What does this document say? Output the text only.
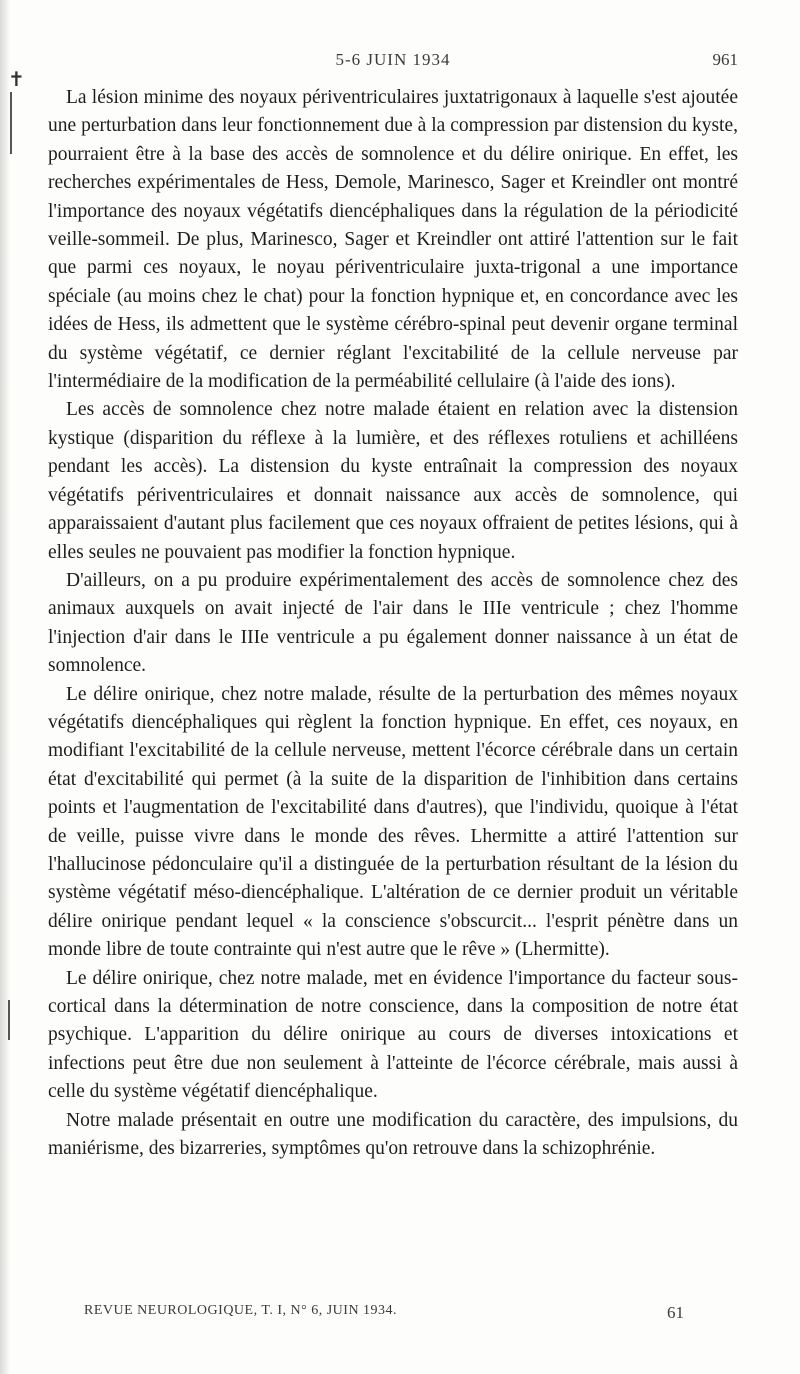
✝
5-6 JUIN 1934	961

La lésion minime des noyaux périventriculaires juxtatrigonaux à laquelle s'est ajoutée une perturbation dans leur fonctionnement due à la compression par distension du kyste, pourraient être à la base des accès de somnolence et du délire onirique. En effet, les recherches expérimentales de Hess, Demole, Marinesco, Sager et Kreindler ont montré l'importance des noyaux végétatifs diencéphaliques dans la régulation de la périodicité veille-sommeil. De plus, Marinesco, Sager et Kreindler ont attiré l'attention sur le fait que parmi ces noyaux, le noyau périventriculaire juxta-trigonal a une importance spéciale (au moins chez le chat) pour la fonction hypnique et, en concordance avec les idées de Hess, ils admettent que le système cérébro-spinal peut devenir organe terminal du système végétatif, ce dernier réglant l'excitabilité de la cellule nerveuse par l'intermédiaire de la modification de la perméabilité cellulaire (à l'aide des ions).

Les accès de somnolence chez notre malade étaient en relation avec la distension kystique (disparition du réflexe à la lumière, et des réflexes rotuliens et achilléens pendant les accès). La distension du kyste entraînait la compression des noyaux végétatifs périventriculaires et donnait naissance aux accès de somnolence, qui apparaissaient d'autant plus facilement que ces noyaux offraient de petites lésions, qui à elles seules ne pouvaient pas modifier la fonction hypnique.

D'ailleurs, on a pu produire expérimentalement des accès de somnolence chez des animaux auxquels on avait injecté de l'air dans le IIIe ventricule ; chez l'homme l'injection d'air dans le IIIe ventricule a pu également donner naissance à un état de somnolence.

Le délire onirique, chez notre malade, résulte de la perturbation des mêmes noyaux végétatifs diencéphaliques qui règlent la fonction hypnique. En effet, ces noyaux, en modifiant l'excitabilité de la cellule nerveuse, mettent l'écorce cérébrale dans un certain état d'excitabilité qui permet (à la suite de la disparition de l'inhibition dans certains points et l'augmentation de l'excitabilité dans d'autres), que l'individu, quoique à l'état de veille, puisse vivre dans le monde des rêves. Lhermitte a attiré l'attention sur l'hallucinose pédonculaire qu'il a distinguée de la perturbation résultant de la lésion du système végétatif méso-diencéphalique. L'altération de ce dernier produit un véritable délire onirique pendant lequel « la conscience s'obscurcit... l'esprit pénètre dans un monde libre de toute contrainte qui n'est autre que le rêve » (Lhermitte).

Le délire onirique, chez notre malade, met en évidence l'importance du facteur sous-cortical dans la détermination de notre conscience, dans la composition de notre état psychique. L'apparition du délire onirique au cours de diverses intoxications et infections peut être due non seulement à l'atteinte de l'écorce cérébrale, mais aussi à celle du système végétatif diencéphalique.

Notre malade présentait en outre une modification du caractère, des impulsions, du maniérisme, des bizarreries, symptômes qu'on retrouve dans la schizophrénie.

REVUE NEUROLOGIQUE, T. I, N° 6, JUIN 1934.	61
